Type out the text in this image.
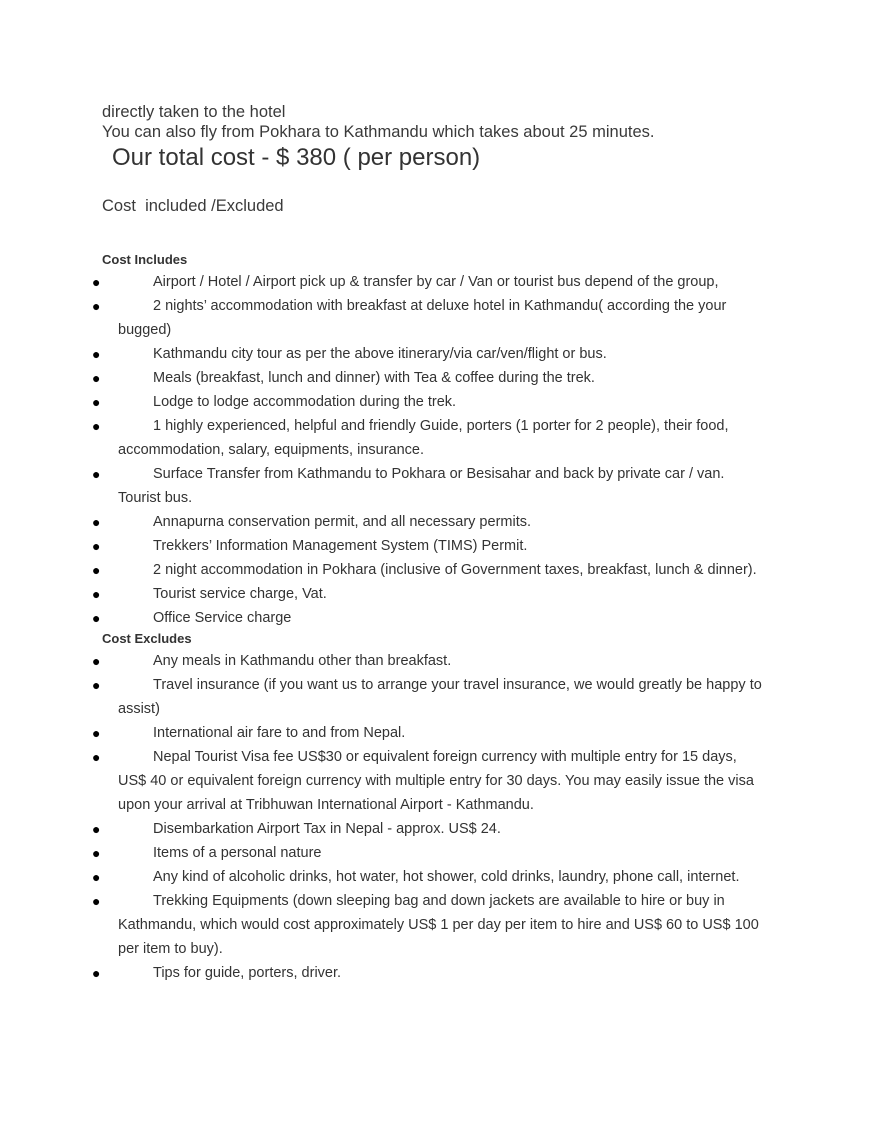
directly taken to the hotel
You can also fly from Pokhara to Kathmandu which takes about 25 minutes.
Our total cost - $ 380 ( per person)
Cost  included /Excluded
Cost Includes
●	Airport / Hotel / Airport pick up & transfer by car / Van or tourist bus depend of the group,
●	2 nights’ accommodation with breakfast at deluxe hotel in Kathmandu( according the your bugged)
●	Kathmandu city tour as per the above itinerary/via car/ven/flight or bus.
●	Meals (breakfast, lunch and dinner) with Tea & coffee during the trek.
●	Lodge to lodge accommodation during the trek.
●	1 highly experienced, helpful and friendly Guide, porters (1 porter for 2 people), their food, accommodation, salary, equipments, insurance.
●	Surface Transfer from Kathmandu to Pokhara or Besisahar and back by private car / van. Tourist bus.
●	Annapurna conservation permit, and all necessary permits.
●	Trekkers’ Information Management System (TIMS) Permit.
●	2 night accommodation in Pokhara (inclusive of Government taxes, breakfast, lunch & dinner).
●	Tourist service charge, Vat.
●	Office Service charge
Cost Excludes
●	Any meals in Kathmandu other than breakfast.
●	Travel insurance (if you want us to arrange your travel insurance, we would greatly be happy to assist)
●	International air fare to and from Nepal.
●	Nepal Tourist Visa fee US$30 or equivalent foreign currency with multiple entry for 15 days, US$ 40 or equivalent foreign currency with multiple entry for 30 days. You may easily issue the visa upon your arrival at Tribhuwan International Airport - Kathmandu.
●	Disembarkation Airport Tax in Nepal - approx. US$ 24.
●	Items of a personal nature
●	Any kind of alcoholic drinks, hot water, hot shower, cold drinks, laundry, phone call, internet.
●	Trekking Equipments (down sleeping bag and down jackets are available to hire or buy in Kathmandu, which would cost approximately US$ 1 per day per item to hire and US$ 60 to US$ 100 per item to buy).
●	Tips for guide, porters, driver.
